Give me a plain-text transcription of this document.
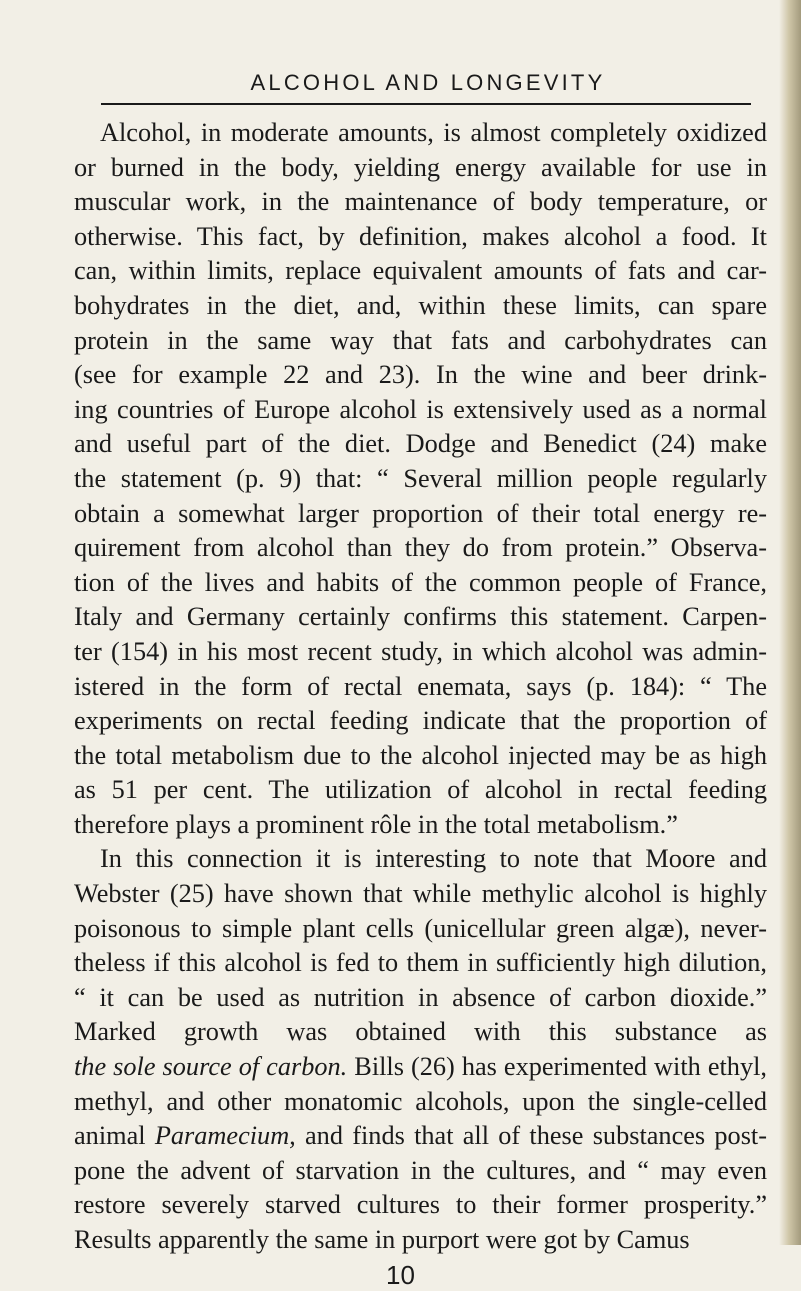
ALCOHOL AND LONGEVITY
Alcohol, in moderate amounts, is almost completely oxidized
or burned in the body, yielding energy available for use in
muscular work, in the maintenance of body temperature, or
otherwise. This fact, by definition, makes alcohol a food. It
can, within limits, replace equivalent amounts of fats and car-
bohydrates in the diet, and, within these limits, can spare
protein in the same way that fats and carbohydrates can
(see for example 22 and 23). In the wine and beer drink-
ing countries of Europe alcohol is extensively used as a normal
and useful part of the diet. Dodge and Benedict (24) make
the statement (p. 9) that: “ Several million people regularly
obtain a somewhat larger proportion of their total energy re-
quirement from alcohol than they do from protein.” Observa-
tion of the lives and habits of the common people of France,
Italy and Germany certainly confirms this statement. Carpen-
ter (154) in his most recent study, in which alcohol was admin-
istered in the form of rectal enemata, says (p. 184): “ The
experiments on rectal feeding indicate that the proportion of
the total metabolism due to the alcohol injected may be as high
as 51 per cent. The utilization of alcohol in rectal feeding
therefore plays a prominent rôle in the total metabolism.”
In this connection it is interesting to note that Moore and
Webster (25) have shown that while methylic alcohol is highly
poisonous to simple plant cells (unicellular green algæ), never-
theless if this alcohol is fed to them in sufficiently high dilution,
“ it can be used as nutrition in absence of carbon dioxide.”
Marked growth was obtained with this substance as
the sole source of carbon. Bills (26) has experimented with ethyl,
methyl, and other monatomic alcohols, upon the single-celled
animal Paramecium, and finds that all of these substances post-
pone the advent of starvation in the cultures, and “ may even
restore severely starved cultures to their former prosperity.”
Results apparently the same in purport were got by Camus
10
